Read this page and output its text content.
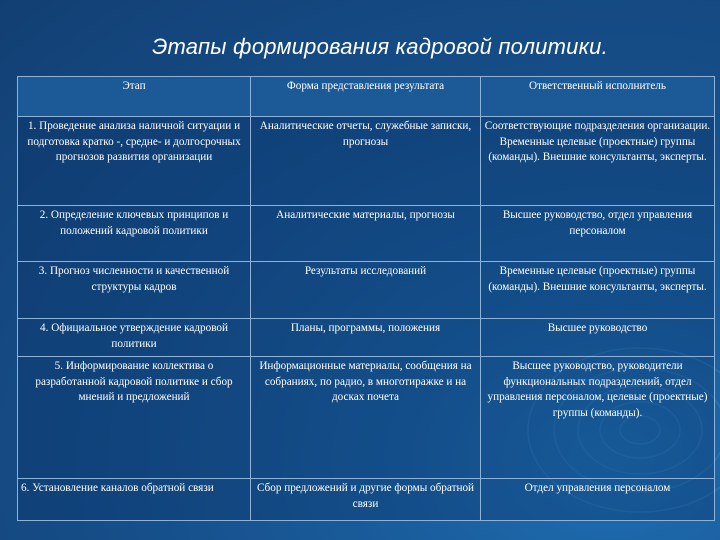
Этапы формирования кадровой политики.
Этап	Форма представления результата	Ответственный исполнитель
1. Проведение анализа наличной ситуации и подготовка кратко -, средне- и долгосрочных прогнозов развития организации	Аналитические отчеты, служебные записки, прогнозы	Соответствующие подразделения организации. Временные целевые (проектные) группы (команды). Внешние консультанты, эксперты.
2. Определение ключевых принципов и положений кадровой политики	Аналитические материалы, прогнозы	Высшее руководство, отдел управления персоналом
3. Прогноз численности и качественной структуры кадров	Результаты исследований	Временные целевые (проектные) группы (команды). Внешние консультанты, эксперты.
4. Официальное утверждение кадровой политики	Планы, программы, положения	Высшее руководство
5. Информирование коллектива о разработанной кадровой политике и сбор мнений и предложений	Информационные материалы, сообщения на собраниях, по радио, в многотиражке и на досках почета	Высшее руководство, руководители функциональных подразделений, отдел управления персоналом, целевые (проектные) группы (команды).
6. Установление каналов обратной связи	Сбор предложений и другие формы обратной связи	Отдел управления персоналом
